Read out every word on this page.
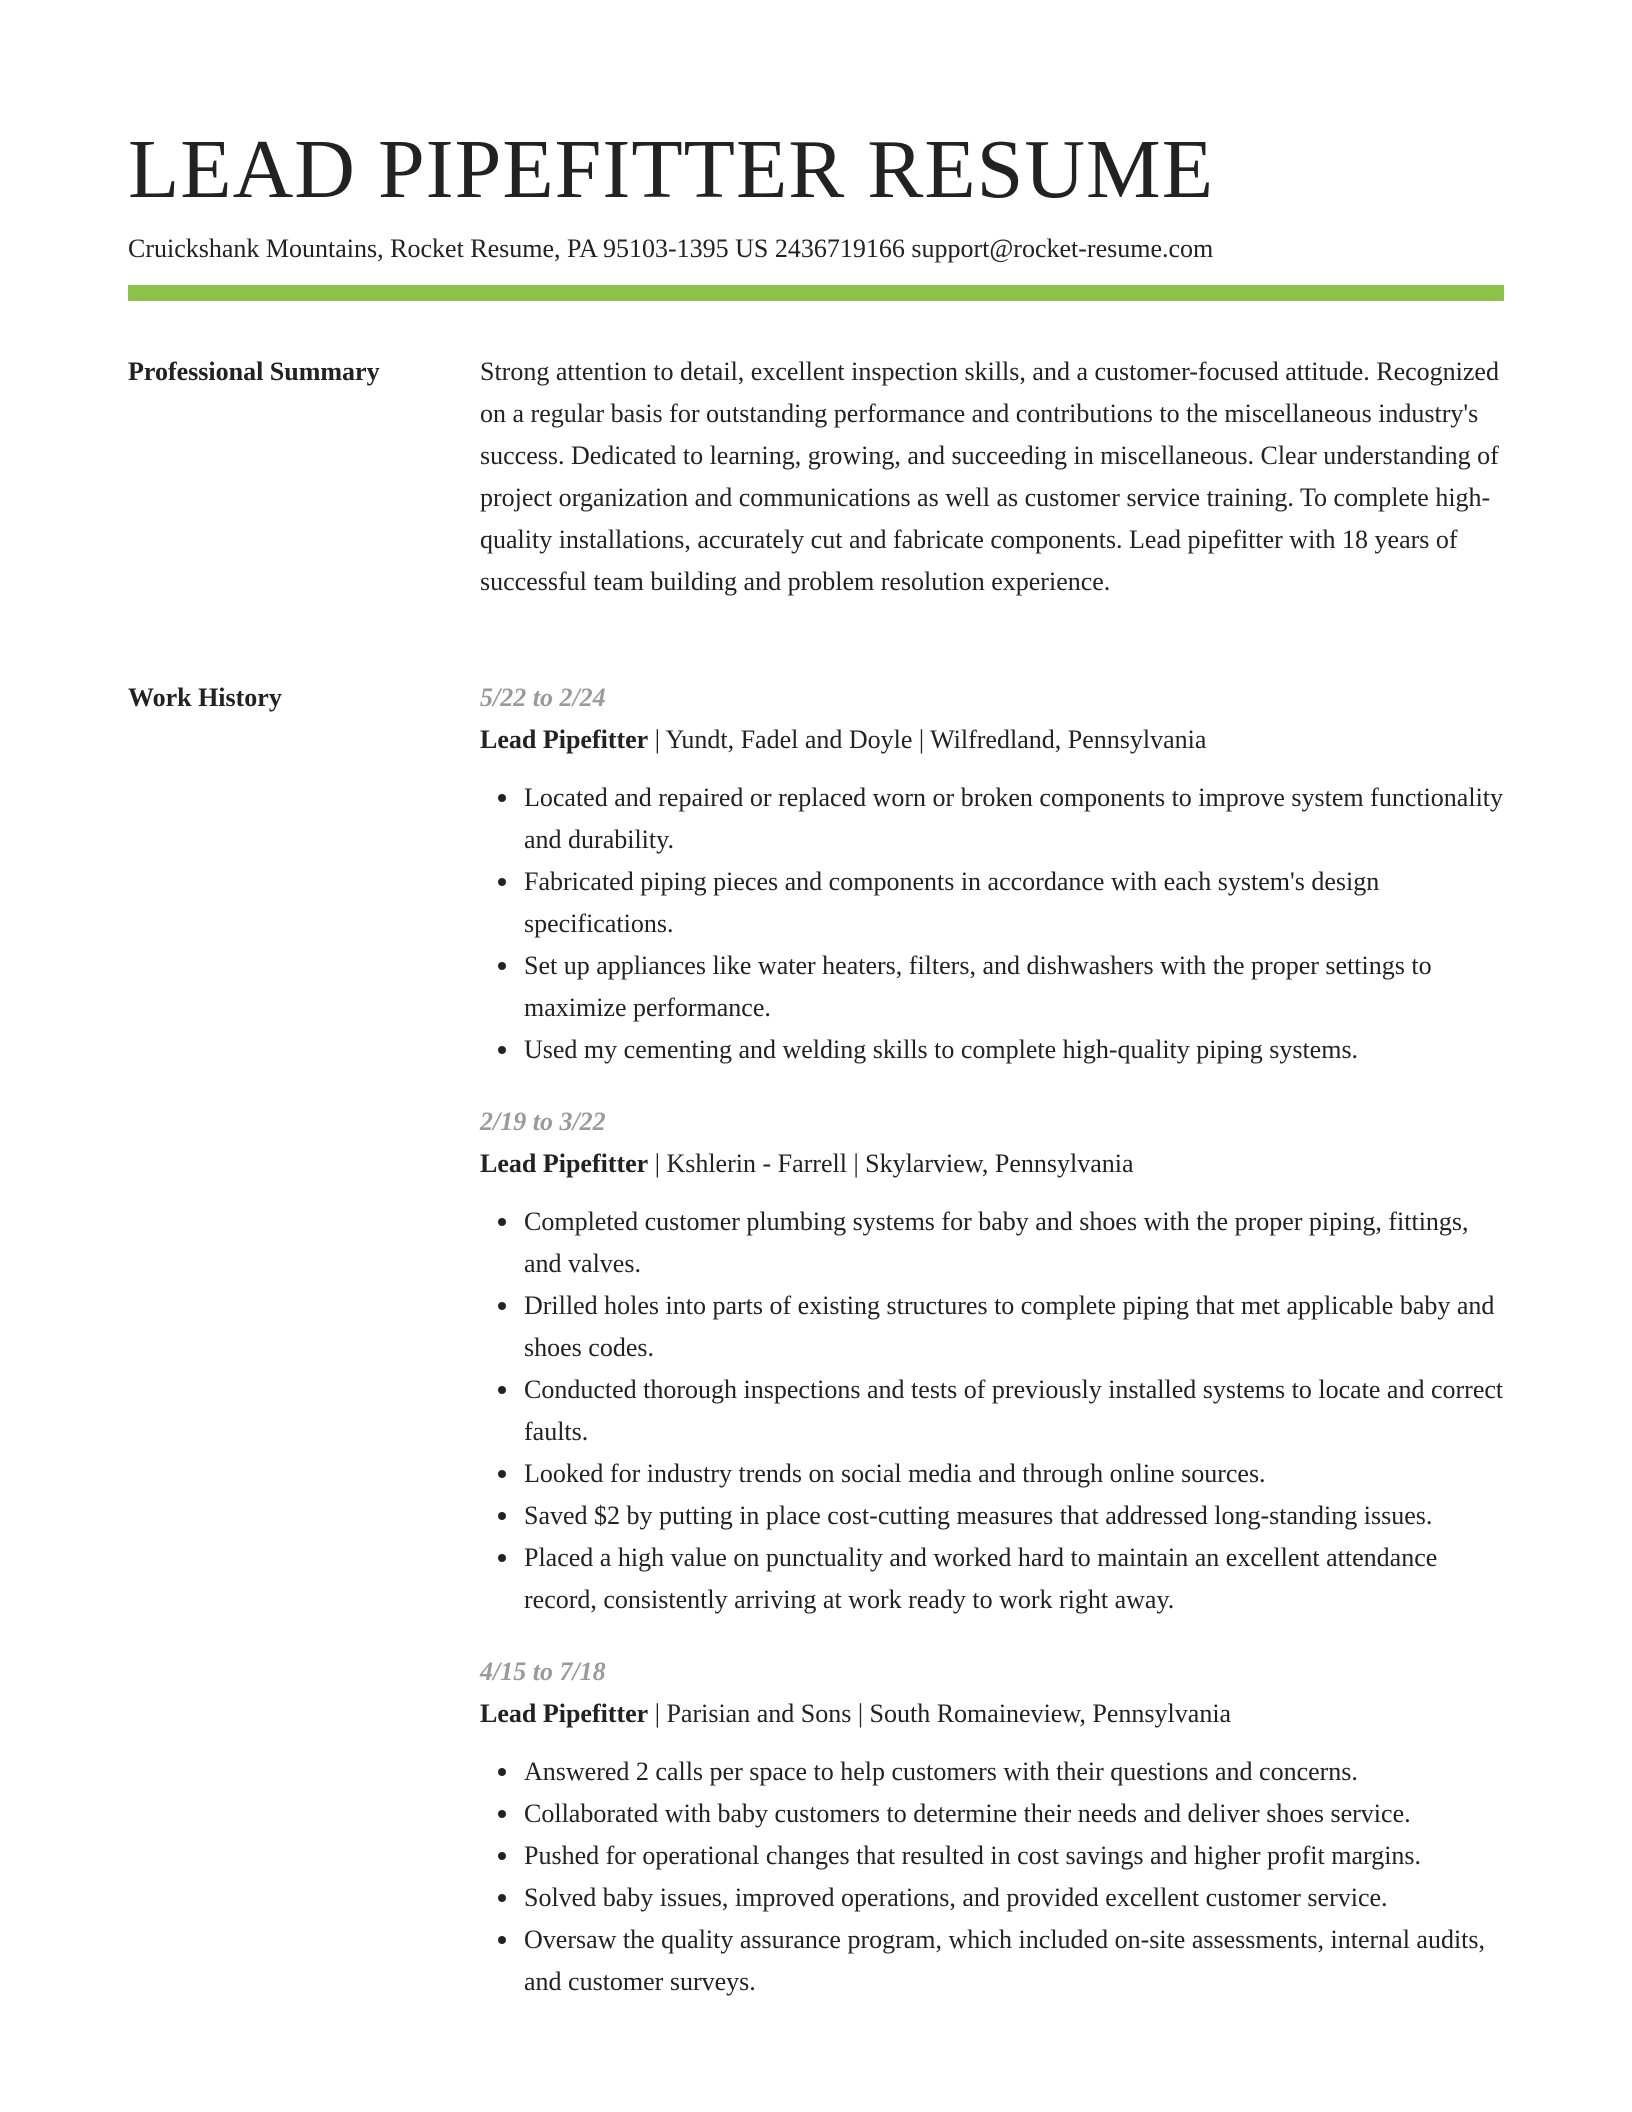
LEAD PIPEFITTER RESUME
Cruickshank Mountains, Rocket Resume, PA 95103-1395 US 2436719166 support@rocket-resume.com
Professional Summary	Strong attention to detail, excellent inspection skills, and a customer-focused attitude. Recognized on a regular basis for outstanding performance and contributions to the miscellaneous industry's success. Dedicated to learning, growing, and succeeding in miscellaneous. Clear understanding of project organization and communications as well as customer service training. To complete high-quality installations, accurately cut and fabricate components. Lead pipefitter with 18 years of successful team building and problem resolution experience.

Work History	5/22 to 2/24
Lead Pipefitter | Yundt, Fadel and Doyle | Wilfredland, Pennsylvania
Located and repaired or replaced worn or broken components to improve system functionality and durability.
Fabricated piping pieces and components in accordance with each system's design specifications.
Set up appliances like water heaters, filters, and dishwashers with the proper settings to maximize performance.
Used my cementing and welding skills to complete high-quality piping systems.
2/19 to 3/22
Lead Pipefitter | Kshlerin - Farrell | Skylarview, Pennsylvania
Completed customer plumbing systems for baby and shoes with the proper piping, fittings, and valves.
Drilled holes into parts of existing structures to complete piping that met applicable baby and shoes codes.
Conducted thorough inspections and tests of previously installed systems to locate and correct faults.
Looked for industry trends on social media and through online sources.
Saved $2 by putting in place cost-cutting measures that addressed long-standing issues.
Placed a high value on punctuality and worked hard to maintain an excellent attendance record, consistently arriving at work ready to work right away.
4/15 to 7/18
Lead Pipefitter | Parisian and Sons | South Romaineview, Pennsylvania
Answered 2 calls per space to help customers with their questions and concerns.
Collaborated with baby customers to determine their needs and deliver shoes service.
Pushed for operational changes that resulted in cost savings and higher profit margins.
Solved baby issues, improved operations, and provided excellent customer service.
Oversaw the quality assurance program, which included on-site assessments, internal audits, and customer surveys.
